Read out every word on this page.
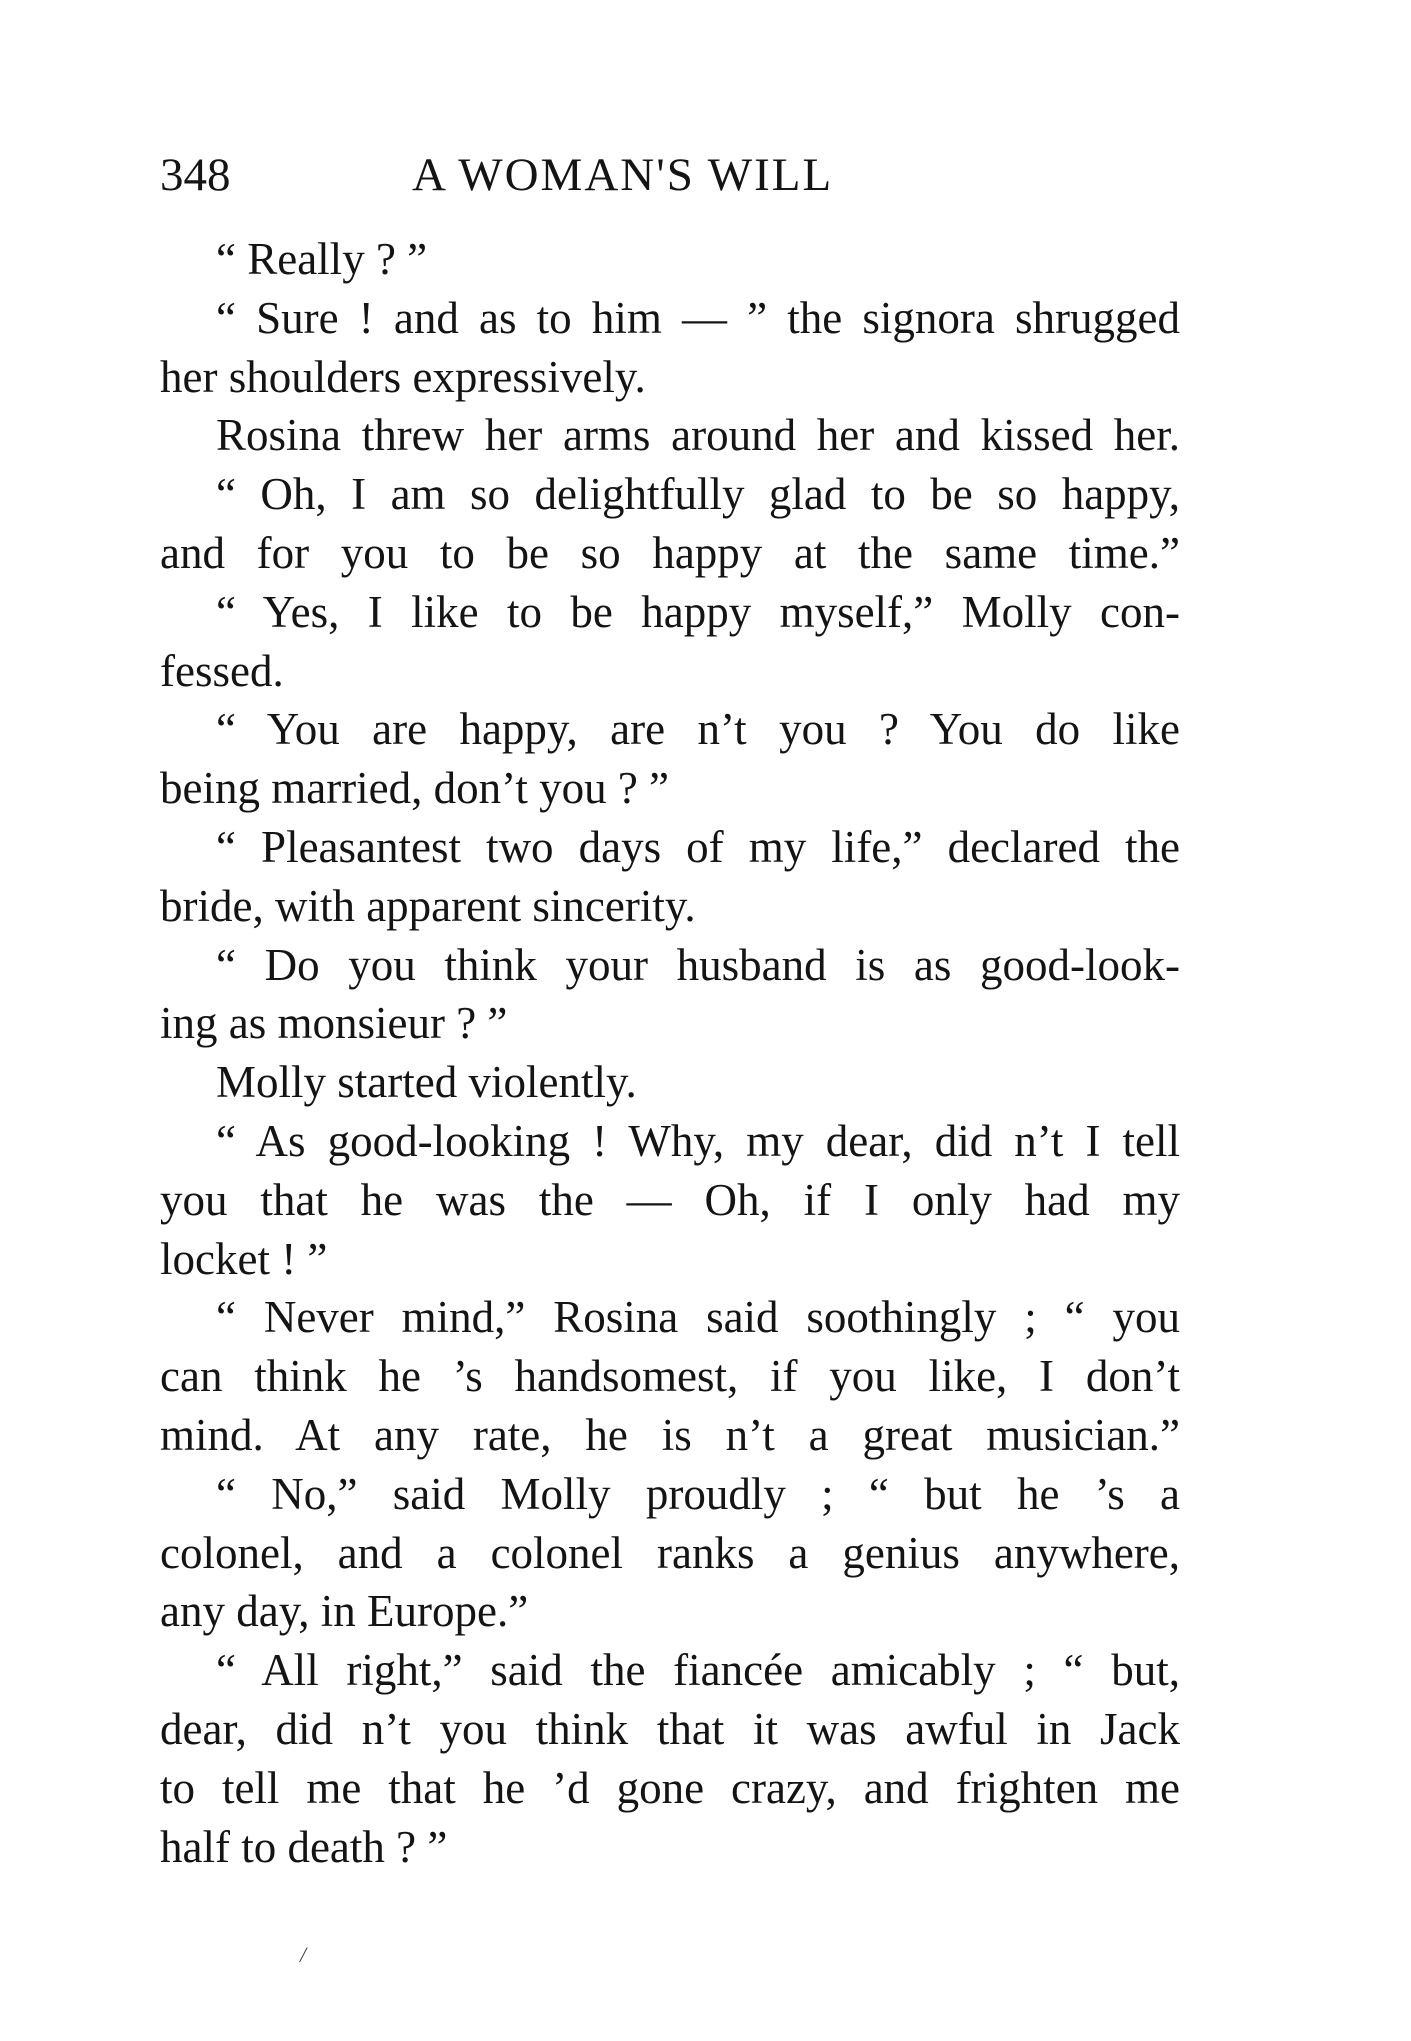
348	A WOMAN'S WILL
“ Really ? ”
“ Sure ! and as to him — ” the signora shrugged
her shoulders expressively.
Rosina threw her arms around her and kissed her.
“ Oh, I am so delightfully glad to be so happy,
and for you to be so happy at the same time.”
“ Yes, I like to be happy myself,” Molly con-
fessed.
“ You are happy, are n’t you ? You do like
being married, don’t you ? ”
“ Pleasantest two days of my life,” declared the
bride, with apparent sincerity.
“ Do you think your husband is as good-look-
ing as monsieur ? ”
Molly started violently.
“ As good-looking ! Why, my dear, did n’t I tell
you that he was the — Oh, if I only had my
locket ! ”
“ Never mind,” Rosina said soothingly ; “ you
can think he ’s handsomest, if you like, I don’t
mind. At any rate, he is n’t a great musician.”
“ No,” said Molly proudly ; “ but he ’s a
colonel, and a colonel ranks a genius anywhere,
any day, in Europe.”
“ All right,” said the fiancée amicably ; “ but,
dear, did n’t you think that it was awful in Jack
to tell me that he ’d gone crazy, and frighten me
half to death ? ”
/
